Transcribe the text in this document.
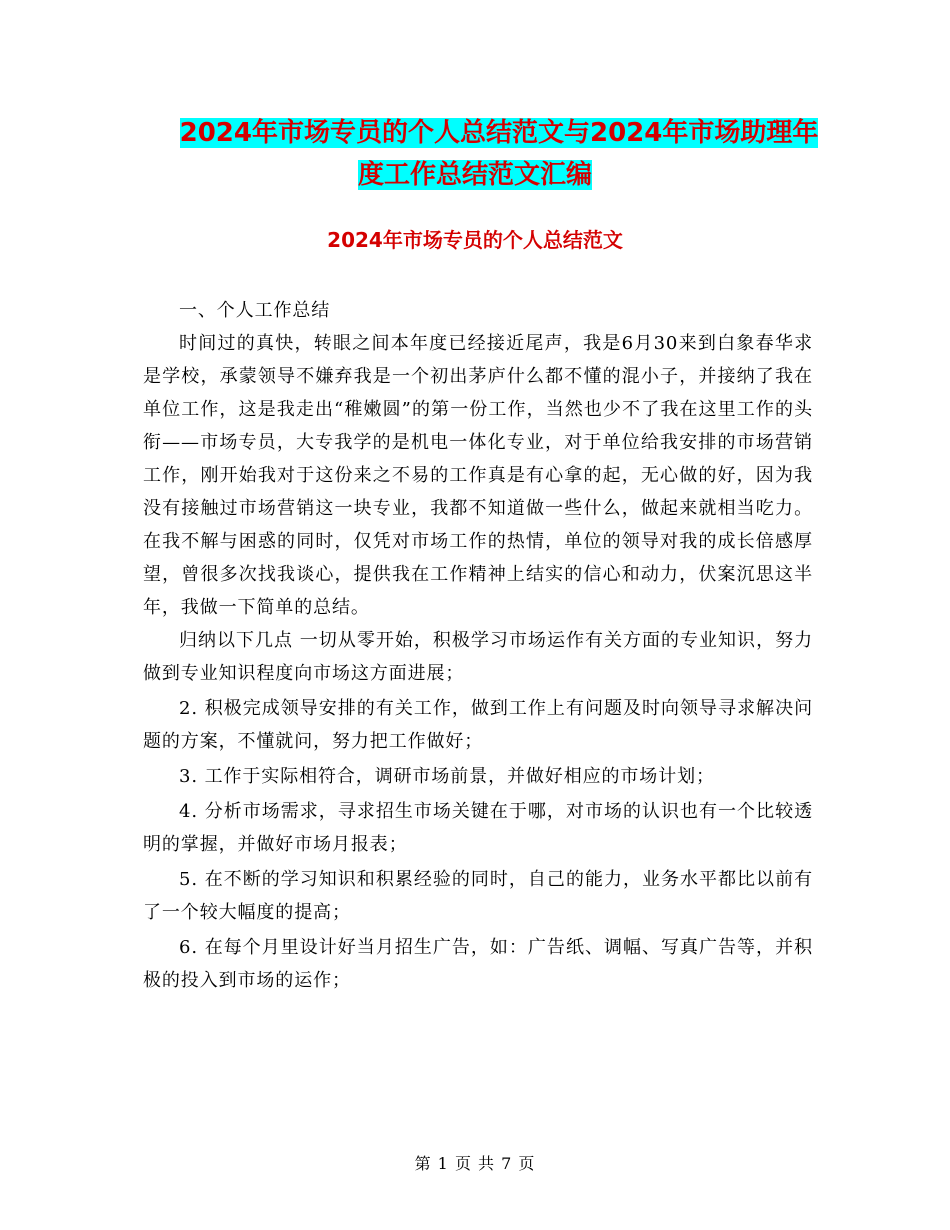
2024年市场专员的个人总结范文与2024年市场助理年
度工作总结范文汇编
2024年市场专员的个人总结范文

一、个人工作总结

时间过的真快，转眼之间本年度已经接近尾声，我是6月30来到白象春华求是学校，承蒙领导不嫌弃我是一个初出茅庐什么都不懂的混小子，并接纳了我在单位工作，这是我走出“稚嫩圆”的第一份工作，当然也少不了我在这里工作的头衔——市场专员，大专我学的是机电一体化专业，对于单位给我安排的市场营销工作，刚开始我对于这份来之不易的工作真是有心拿的起，无心做的好，因为我没有接触过市场营销这一块专业，我都不知道做一些什么，做起来就相当吃力。在我不解与困惑的同时，仅凭对市场工作的热情，单位的领导对我的成长倍感厚望，曾很多次找我谈心，提供我在工作精神上结实的信心和动力，伏案沉思这半年，我做一下简单的总结。

归纳以下几点 一切从零开始，积极学习市场运作有关方面的专业知识，努力做到专业知识程度向市场这方面进展；

2. 积极完成领导安排的有关工作，做到工作上有问题及时向领导寻求解决问题的方案，不懂就问，努力把工作做好；

3. 工作于实际相符合，调研市场前景，并做好相应的市场计划；

4. 分析市场需求，寻求招生市场关键在于哪，对市场的认识也有一个比较透明的掌握，并做好市场月报表；

5. 在不断的学习知识和积累经验的同时，自己的能力，业务水平都比以前有了一个较大幅度的提高；

6. 在每个月里设计好当月招生广告，如：广告纸、调幅、写真广告等，并积极的投入到市场的运作；

第 1 页 共 7 页
